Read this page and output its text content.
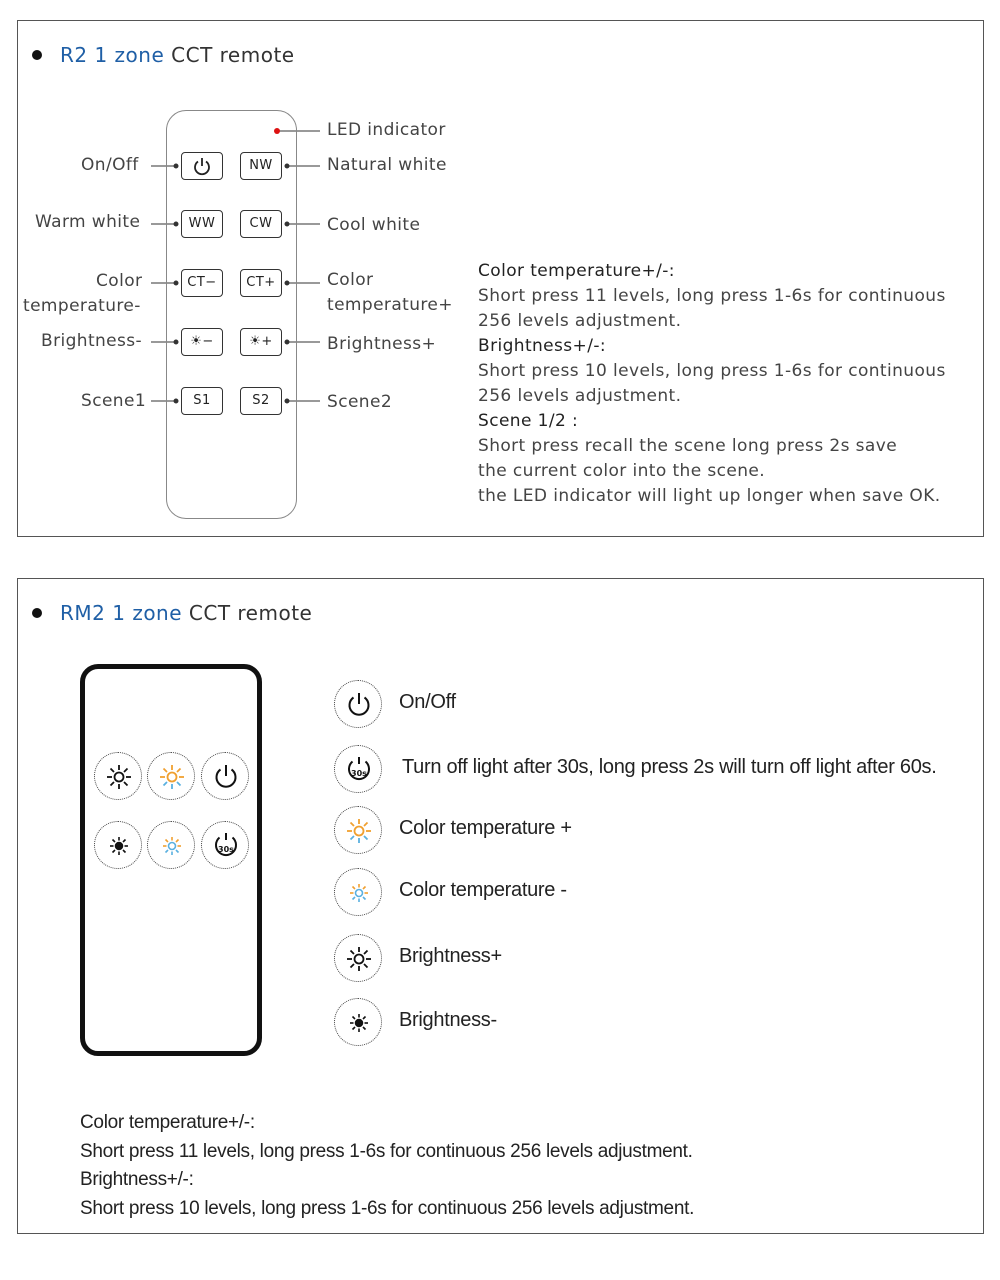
R2 1 zone CCT remote
NW
WW	CW
CT−	CT+
☀−	☀+
S1	S2
On/Off
Warm white
Color
temperature-
Brightness-
Scene1
LED indicator
Natural white
Cool white
Color
temperature+
Brightness+
Scene2
Color temperature+/-:
Short press 11 levels, long press 1-6s for continuous
256 levels adjustment.
Brightness+/-:
Short press 10 levels, long press 1-6s for continuous
256 levels adjustment.
Scene 1/2 :
Short press recall the scene long press 2s save
the current color into the scene.
the LED indicator will light up longer when save OK.
RM2 1 zone CCT remote
30s
30s
On/Off
Turn off light after 30s, long press 2s will turn off light after 60s.
Color temperature +
Color temperature -
Brightness+
Brightness-
Color temperature+/-:
Short press 11 levels, long press 1-6s for continuous 256 levels adjustment.
Brightness+/-:
Short press 10 levels, long press 1-6s for continuous 256 levels adjustment.
